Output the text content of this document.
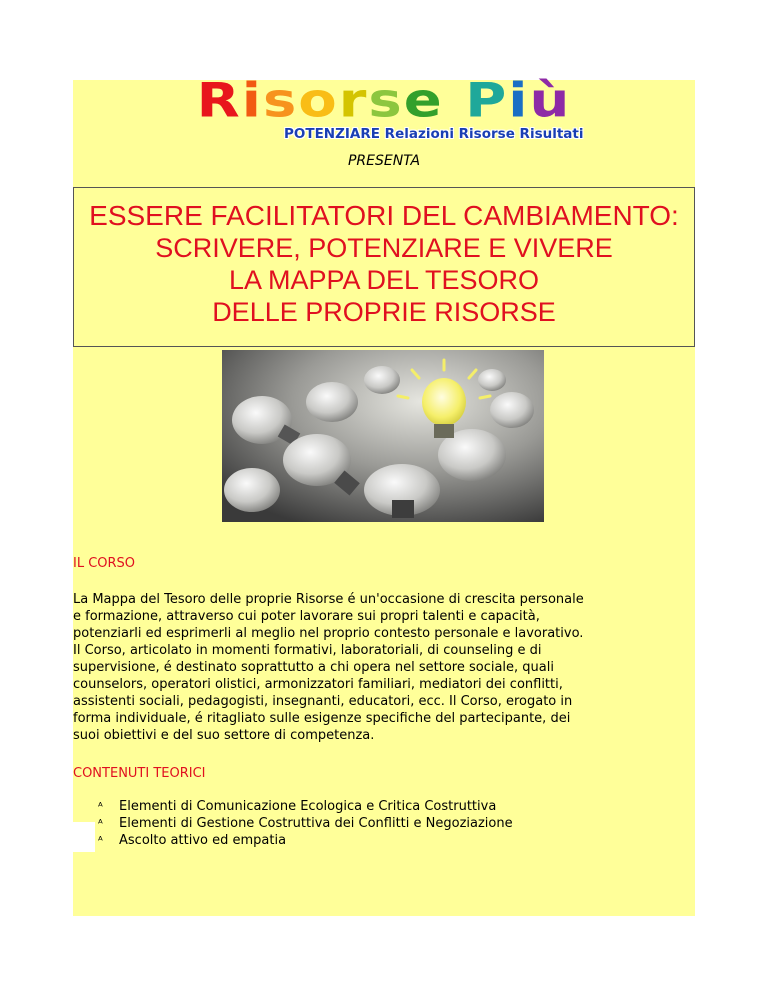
Risorse Più
POTENZIARE Relazioni Risorse Risultati
PRESENTA
ESSERE FACILITATORI DEL CAMBIAMENTO:
SCRIVERE, POTENZIARE E VIVERE
LA MAPPA DEL TESORO
DELLE PROPRIE RISORSE
IL CORSO
La Mappa del Tesoro delle proprie Risorse é un'occasione di crescita personale
e formazione, attraverso cui poter lavorare sui propri talenti e capacità,
potenziarli ed esprimerli al meglio nel proprio contesto personale e lavorativo.
Il Corso, articolato in momenti formativi, laboratoriali, di counseling e di
supervisione, é destinato soprattutto a chi opera nel settore sociale, quali
counselors, operatori olistici, armonizzatori familiari, mediatori dei conflitti,
assistenti sociali, pedagogisti, insegnanti, educatori, ecc. Il Corso, erogato in
forma individuale, é ritagliato sulle esigenze specifiche del partecipante, dei
suoi obiettivi e del suo settore di competenza.
CONTENUTI TEORICI
ᴬ Elementi di Comunicazione Ecologica e Critica Costruttiva
ᴬ Elementi di Gestione Costruttiva dei Conflitti e Negoziazione
ᴬ Ascolto attivo ed empatia
